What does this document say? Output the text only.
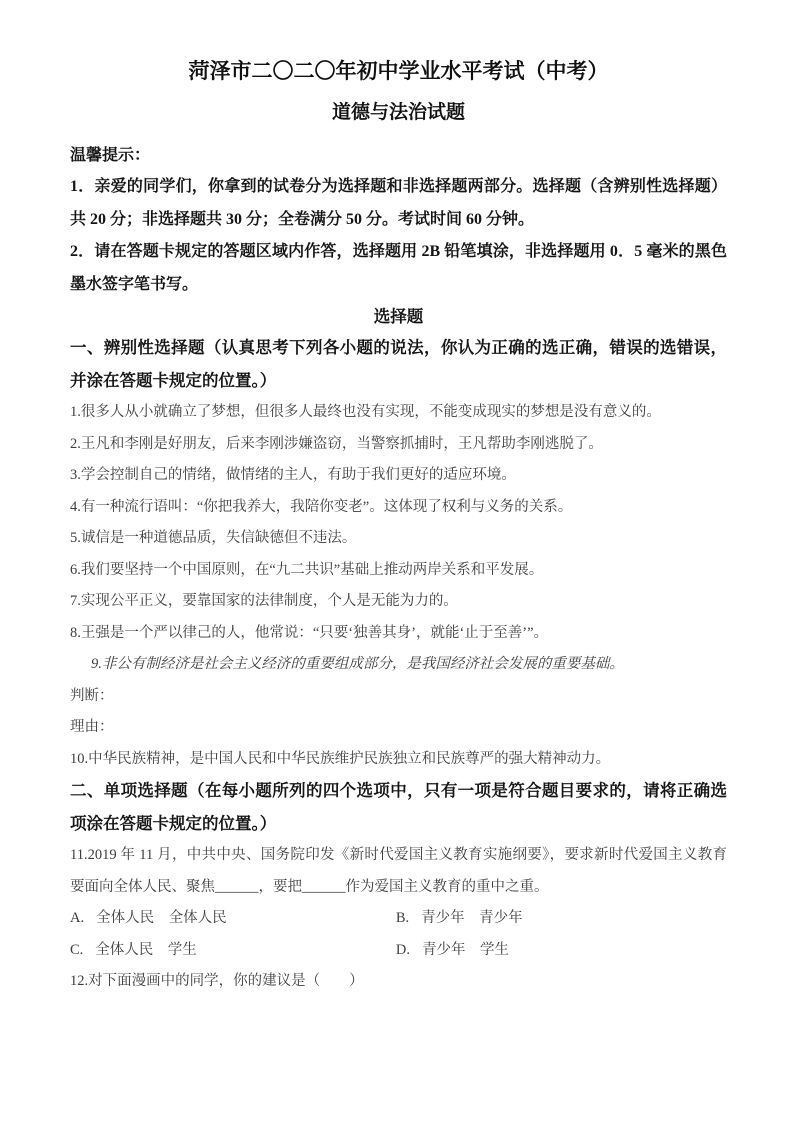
菏泽市二〇二〇年初中学业水平考试（中考）
道德与法治试题

温馨提示：

1．亲爱的同学们，你拿到的试卷分为选择题和非选择题两部分。选择题（含辨别性选择题）共 20 分；非选择题共 30 分；全卷满分 50 分。考试时间 60 分钟。

2．请在答题卡规定的答题区域内作答，选择题用 2B 铅笔填涂，非选择题用 0．5 毫米的黑色墨水签字笔书写。

选择题

一、辨别性选择题（认真思考下列各小题的说法，你认为正确的选正确，错误的选错误，并涂在答题卡规定的位置。）

1.很多人从小就确立了梦想，但很多人最终也没有实现，不能变成现实的梦想是没有意义的。

2.王凡和李刚是好朋友，后来李刚涉嫌盗窃，当警察抓捕时，王凡帮助李刚逃脱了。

3.学会控制自己的情绪，做情绪的主人，有助于我们更好的适应环境。

4.有一种流行语叫：“你把我养大，我陪你变老”。这体现了权利与义务的关系。

5.诚信是一种道德品质，失信缺德但不违法。

6.我们要坚持一个中国原则，在“九二共识”基础上推动两岸关系和平发展。

7.实现公平正义，要靠国家的法律制度，个人是无能为力的。

8.王强是一个严以律己的人，他常说：“只要‘独善其身’，就能‘止于至善’”。

9.非公有制经济是社会主义经济的重要组成部分，是我国经济社会发展的重要基础。

判断：

理由：

10.中华民族精神，是中国人民和中华民族维护民族独立和民族尊严的强大精神动力。

二、单项选择题（在每小题所列的四个选项中，只有一项是符合题目要求的，请将正确选项涂在答题卡规定的位置。）

11.2019 年 11 月，中共中央、国务院印发《新时代爱国主义教育实施纲要》，要求新时代爱国主义教育要面向全体人民、聚焦______，要把______作为爱国主义教育的重中之重。

A. 全体人民　全体人民	B. 青少年　青少年
C. 全体人民　学生	D. 青少年　学生

12.对下面漫画中的同学，你的建议是（　　）
